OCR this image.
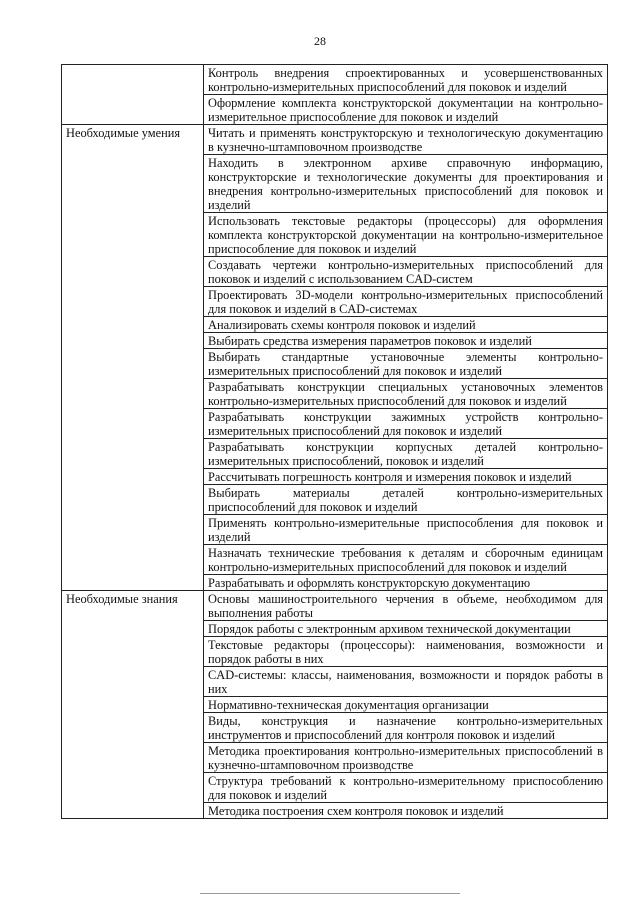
28
	Контроль внедрения спроектированных и усовершенствованных контрольно-измерительных приспособлений для поковок и изделий
	Оформление комплекта конструкторской документации на контрольно-измерительное приспособление для поковок и изделий
Необходимые умения	Читать и применять конструкторскую и технологическую документацию в кузнечно-штамповочном производстве
	Находить в электронном архиве справочную информацию, конструкторские и технологические документы для проектирования и внедрения контрольно-измерительных приспособлений для поковок и изделий
	Использовать текстовые редакторы (процессоры) для оформления комплекта конструкторской документации на контрольно-измерительное приспособление для поковок и изделий
	Создавать чертежи контрольно-измерительных приспособлений для поковок и изделий с использованием CAD-систем
	Проектировать 3D-модели контрольно-измерительных приспособлений для поковок и изделий в CAD-системах
	Анализировать схемы контроля поковок и изделий
	Выбирать средства измерения параметров поковок и изделий
	Выбирать стандартные установочные элементы контрольно-измерительных приспособлений для поковок и изделий
	Разрабатывать конструкции специальных установочных элементов контрольно-измерительных приспособлений для поковок и изделий
	Разрабатывать конструкции зажимных устройств контрольно-измерительных приспособлений для поковок и изделий
	Разрабатывать конструкции корпусных деталей контрольно-измерительных приспособлений, поковок и изделий
	Рассчитывать погрешность контроля и измерения поковок и изделий
	Выбирать материалы деталей контрольно-измерительных приспособлений для поковок и изделий
	Применять контрольно-измерительные приспособления для поковок и изделий
	Назначать технические требования к деталям и сборочным единицам контрольно-измерительных приспособлений для поковок и изделий
	Разрабатывать и оформлять конструкторскую документацию
Необходимые знания	Основы машиностроительного черчения в объеме, необходимом для выполнения работы
	Порядок работы с электронным архивом технической документации
	Текстовые редакторы (процессоры): наименования, возможности и порядок работы в них
	CAD-системы: классы, наименования, возможности и порядок работы в них
	Нормативно-техническая документация организации
	Виды, конструкция и назначение контрольно-измерительных инструментов и приспособлений для контроля поковок и изделий
	Методика проектирования контрольно-измерительных приспособлений в кузнечно-штамповочном производстве
	Структура требований к контрольно-измерительному приспособлению для поковок и изделий
	Методика построения схем контроля поковок и изделий
